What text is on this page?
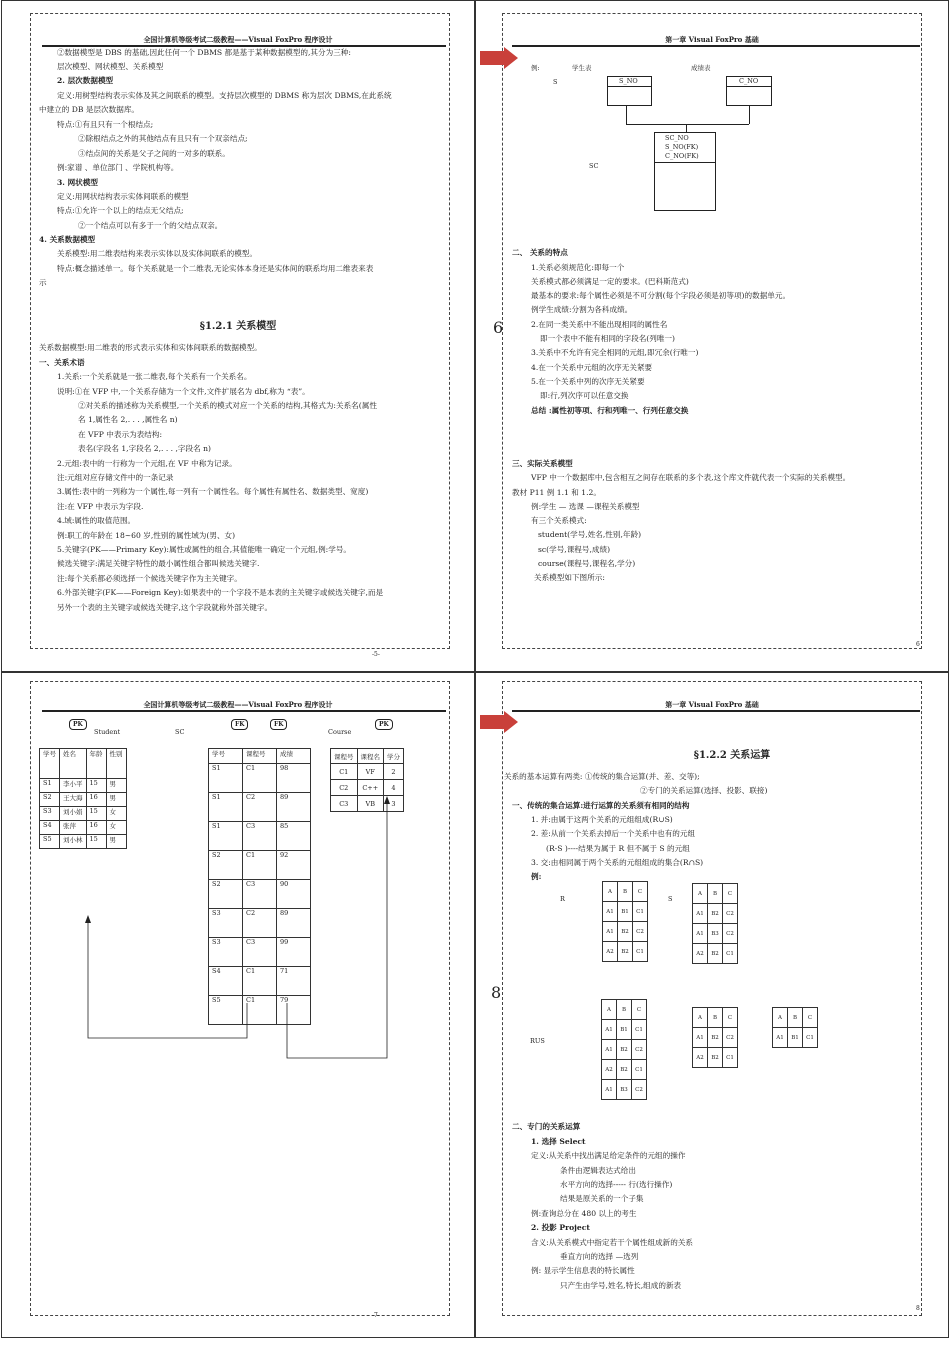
全国计算机等级考试二级教程——Visual FoxPro 程序设计
§1.2.1 关系模型
-5-
②数据模型是 DBS 的基础,因此任何一个 DBMS 都是基于某种数据模型的,其分为三种:
层次模型、网状模型、关系模型
2. 层次数据模型
定义:用树型结构表示实体及其之间联系的模型。支持层次模型的 DBMS 称为层次 DBMS,在此系统
中建立的 DB 是层次数据库。
特点:①有且只有一个根结点;
②除根结点之外的其他结点有且只有一个双亲结点;
③结点间的关系是父子之间的一对多的联系。
例:家谱 、单位部门 、学院机构等。
3. 网状模型
定义:用网状结构表示实体间联系的模型
特点:①允许一个以上的结点无父结点;
②一个结点可以有多于一个的父结点双亲。
4. 关系数据模型
关系模型:用二维表结构来表示实体以及实体间联系的模型。
特点:概念描述单一。每个关系就是一个二维表,无论实体本身还是实体间的联系均用二维表来表
示
关系数据模型:用二维表的形式表示实体和实体间联系的数据模型。
一、关系术语
1.关系:一个关系就是一张二维表,每个关系有一个关系名。
说明:①在 VFP 中,一个关系存储为一个文件,文件扩展名为 dbf,称为 “表”。
②对关系的描述称为关系模型,一个关系的模式对应一个关系的结构,其格式为:关系名(属性
名 1,属性名 2,. . . ,属性名 n)
在 VFP 中表示为表结构:
表名(字段名 1,字段名 2,. . . ,字段名 n)
2.元组:表中的一行称为一个元组,在 VF 中称为记录。
注:元组对应存储文件中的一条记录
3.属性:表中的一列称为一个属性,每一列有一个属性名。每个属性有属性名、数据类型、宽度)
注:在 VFP 中表示为字段.
4.域:属性的取值范围。
例:职工的年龄在 18~60 岁,性别的属性域为(男、女)
5.关键字(PK——Primary Key):属性或属性的组合,其值能唯一确定一个元组,例:学号。
候选关键字:满足关键字特性的最小属性组合都叫候选关键字.
注:每个关系都必须选择一个候选关键字作为主关键字。
6.外部关键字(FK——Foreign Key):如果表中的一个字段不是本表的主关键字或候选关键字,而是
另外一个表的主关键字或候选关键字,这个字段就称外部关键字。
第一章 Visual FoxPro 基础
例:	学生表	成绩表
S
SC
S_NO	C_NO
SC_NO
S_NO(FK)
C_NO(FK)
6
6
二、 关系的特点
1.关系必须规范化:即每一个
关系模式都必须满足一定的要求。(巴科斯范式)
最基本的要求:每个属性必须是不可分割(每个字段必须是初等项)的数据单元。
例学生成绩:分割为各科成绩。
2.在同一类关系中不能出现相同的属性名
即一个表中不能有相同的字段名(列唯一)
3.关系中不允许有完全相同的元组,即冗余(行唯一)
4.在一个关系中元组的次序无关紧要
5.在一个关系中列的次序无关紧要
即:行,列次序可以任意交换
总结 :属性初等项、行和列唯一、行列任意交换
三、实际关系模型
VFP 中一个数据库中,包含相互之间存在联系的多个表,这个库文件就代表一个实际的关系模型。
教材 P11 例 1.1 和 1.2。
例:学生 — 选课 —课程关系模型
有三个关系模式:
student(学号,姓名,性别,年龄)
sc(学号,课程号,成绩)
course(课程号,课程名,学分)
关系模型如下图所示:
全国计算机等级考试二级教程——Visual FoxPro 程序设计
PK
Student	SC
FK	FK
Course
PK
学号	姓名	年龄	性别
S1	李小平	15	男
S2	王大海	16	男
S3	刘小娟	15	女
S4	张萍	16	女
S5	刘小林	15	男
学号	课程号	成绩
S1	C1	98
S1	C2	89
S1	C3	85
S2	C1	92
S2	C3	90
S3	C2	89
S3	C3	99
S4	C1	71
S5	C1	79
课程号	课程名	学分
C1	VF	2
C2	C++	4
C3	VB	3
-7-
第一章 Visual FoxPro 基础
§1.2.2 关系运算
R	S
8
RUS
A	B	C
A1	B1	C1
A1	B2	C2
A2	B2	C1
A	B	C
A1	B2	C2
A1	B3	C2
A2	B2	C1
A	B	C
A1	B1	C1
A1	B2	C2
A2	B2	C1
A1	B3	C2
A	B	C
A1	B2	C2
A2	B2	C1
A	B	C
A1	B1	C1
8
关系的基本运算有两类: ①传统的集合运算(并、差、交等);
②专门的关系运算(选择、投影、联接)
一、传统的集合运算:进行运算的关系须有相同的结构
1. 并:由属于这两个关系的元组组成(R∪S)
2. 差:从前一个关系去掉后一个关系中也有的元组
(R-S )----结果为属于 R 但不属于 S 的元组
3. 交:由相同属于两个关系的元组组成的集合(R∩S)
例:
二、专门的关系运算
1. 选择 Select
定义:从关系中找出满足给定条件的元组的操作
条件由逻辑表达式给出
水平方向的选择----- 行(选行操作)
结果是原关系的一个子集
例:查询总分在 480 以上的考生
2. 投影 Project
含义:从关系模式中指定若干个属性组成新的关系
垂直方向的选择 —选列
例: 显示学生信息表的特长属性
只产生由学号,姓名,特长,组成的新表
